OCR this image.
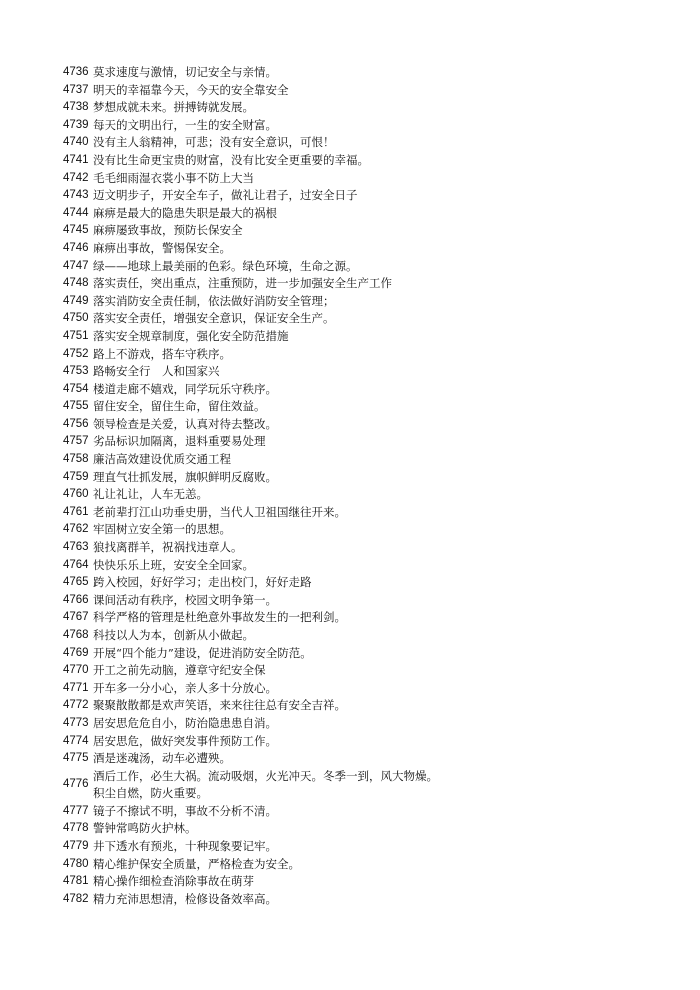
4736 莫求速度与激情，切记安全与亲情。
4737 明天的幸福靠今天，今天的安全靠安全
4738 梦想成就未来。拼搏铸就发展。
4739 每天的文明出行，一生的安全财富。
4740 没有主人翁精神，可悲；没有安全意识，可恨！
4741 没有比生命更宝贵的财富，没有比安全更重要的幸福。
4742 毛毛细雨湿衣裳小事不防上大当
4743 迈文明步子，开安全车子，做礼让君子，过安全日子
4744 麻痹是最大的隐患失职是最大的祸根
4745 麻痹屡致事故，预防长保安全
4746 麻痹出事故，警惕保安全。
4747 绿——地球上最美丽的色彩。绿色环境，生命之源。
4748 落实责任，突出重点，注重预防，进一步加强安全生产工作
4749 落实消防安全责任制，依法做好消防安全管理；
4750 落实安全责任，增强安全意识，保证安全生产。
4751 落实安全规章制度，强化安全防范措施
4752 路上不游戏，搭车守秩序。
4753 路畅安全行　人和国家兴
4754 楼道走廊不嬉戏，同学玩乐守秩序。
4755 留住安全，留住生命，留住效益。
4756 领导检查是关爱，认真对待去整改。
4757 劣品标识加隔离，退料重要易处理
4758 廉洁高效建设优质交通工程
4759 理直气壮抓发展，旗帜鲜明反腐败。
4760 礼让礼让，人车无恙。
4761 老前辈打江山功垂史册，当代人卫祖国继往开来。
4762 牢固树立安全第一的思想。
4763 狼找离群羊，祝祸找违章人。
4764 快快乐乐上班，安安全全回家。
4765 跨入校园，好好学习；走出校门，好好走路
4766 课间活动有秩序，校园文明争第一。
4767 科学严格的管理是杜绝意外事故发生的一把利剑。
4768 科技以人为本，创新从小做起。
4769 开展“四个能力”建设，促进消防安全防范。
4770 开工之前先动脑，遵章守纪安全保
4771 开车多一分小心，亲人多十分放心。
4772 聚聚散散都是欢声笑语，来来往往总有安全吉祥。
4773 居安思危危自小，防治隐患患自消。
4774 居安思危，做好突发事件预防工作。
4775 酒是迷魂汤，动车必遭殃。
4776
酒后工作，必生大祸。流动吸烟，火光冲天。冬季一到，风大物燥。
积尘自燃，防火重要。
4777 镜子不擦试不明，事故不分析不清。
4778 警钟常鸣防火护林。
4779 井下透水有预兆，十种现象要记牢。
4780 精心维护保安全质量，严格检查为安全。
4781 精心操作细检查消除事故在萌芽
4782 精力充沛思想清，检修设备效率高。
